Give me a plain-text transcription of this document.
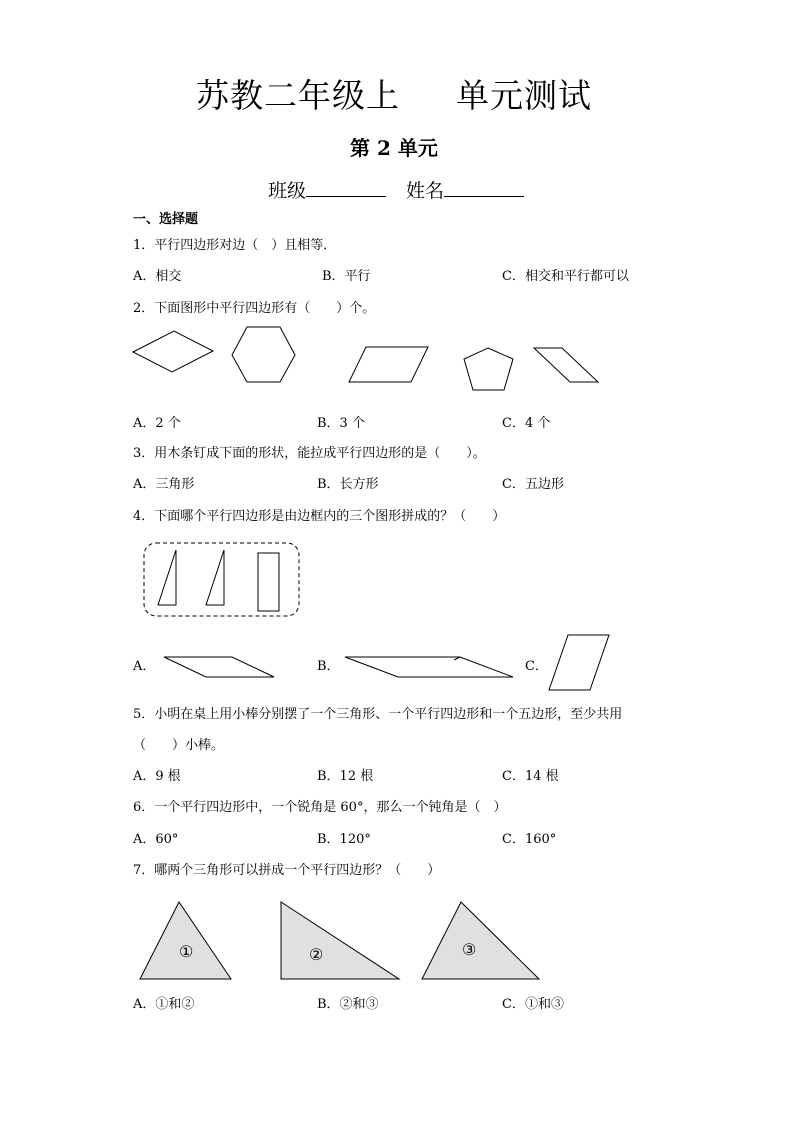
苏教二年级上 单元测试
第 2 单元
班级	姓名
一、选择题
1．平行四边形对边（　）且相等．
A．相交	B．平行	C．相交和平行都可以
2．下面图形中平行四边形有（　　）个。
A．2 个	B．3 个	C．4 个
3．用木条钉成下面的形状，能拉成平行四边形的是（　　）。
A．三角形	B．长方形	C．五边形
4．下面哪个平行四边形是由边框内的三个图形拼成的？（　　）
A．	B．	C．
5．小明在桌上用小棒分别摆了一个三角形、一个平行四边形和一个五边形，至少共用
（　　）小棒。
A．9 根	B．12 根	C．14 根
6．一个平行四边形中，一个锐角是 60°，那么一个钝角是（　）
A．60°	B．120°	C．160°
7．哪两个三角形可以拼成一个平行四边形？（　　）
①	②	③
A．①和②	B．②和③	C．①和③
